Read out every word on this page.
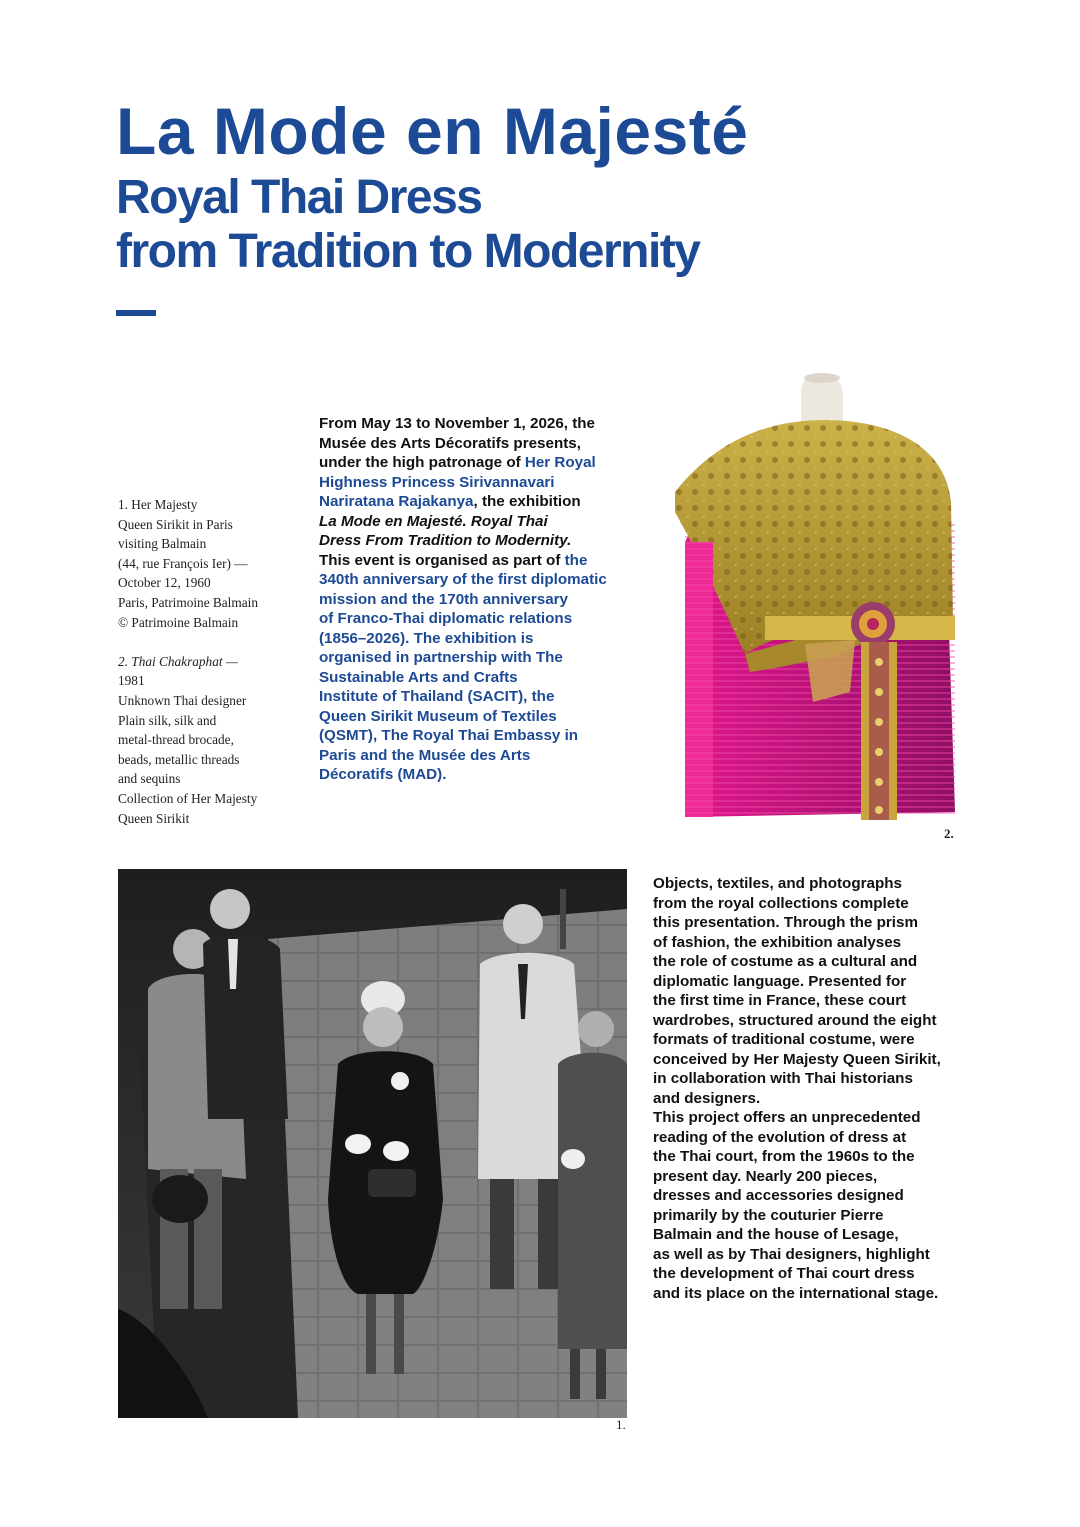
La Mode en Majesté
Royal Thai Dress
from Tradition to Modernity
1. Her Majesty
Queen Sirikit in Paris
visiting Balmain
(44, rue François Ier) —
October 12, 1960
Paris, Patrimoine Balmain
© Patrimoine Balmain
2. Thai Chakraphat —
1981
Unknown Thai designer
Plain silk, silk and
metal-thread brocade,
beads, metallic threads
and sequins
Collection of Her Majesty
Queen Sirikit
From May 13 to November 1, 2026, the
Musée des Arts Décoratifs presents,
under the high patronage of Her Royal
Highness Princess Sirivannavari
Nariratana Rajakanya, the exhibition
La Mode en Majesté. Royal Thai
Dress From Tradition to Modernity.
This event is organised as part of the
340th anniversary of the first diplomatic
mission and the 170th anniversary
of Franco-Thai diplomatic relations
(1856–2026). The exhibition is
organised in partnership with The
Sustainable Arts and Crafts
Institute of Thailand (SACIT), the
Queen Sirikit Museum of Textiles
(QSMT), The Royal Thai Embassy in
Paris and the Musée des Arts
Décoratifs (MAD).
2.
1.
Objects, textiles, and photographs
from the royal collections complete
this presentation. Through the prism
of fashion, the exhibition analyses
the role of costume as a cultural and
diplomatic language. Presented for
the first time in France, these court
wardrobes, structured around the eight
formats of traditional costume, were
conceived by Her Majesty Queen Sirikit,
in collaboration with Thai historians
and designers.
This project offers an unprecedented
reading of the evolution of dress at
the Thai court, from the 1960s to the
present day. Nearly 200 pieces,
dresses and accessories designed
primarily by the couturier Pierre
Balmain and the house of Lesage,
as well as by Thai designers, highlight
the development of Thai court dress
and its place on the international stage.
